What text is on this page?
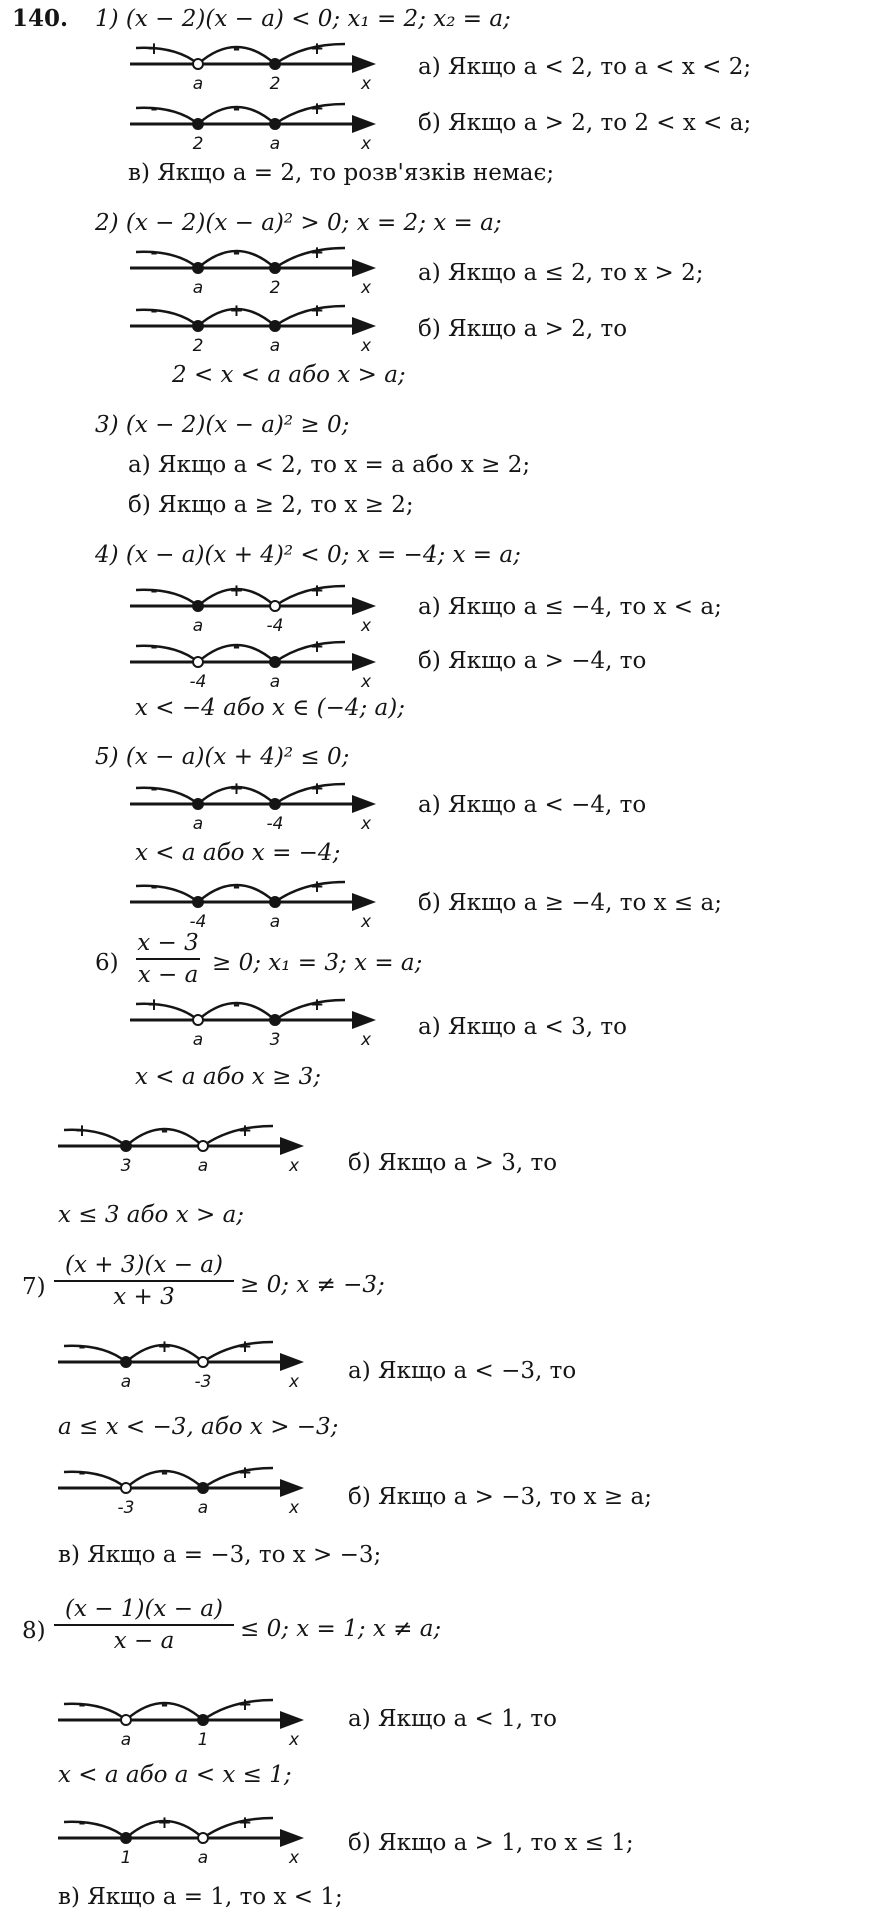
140. 1) (x − 2)(x − a) < 0; x₁ = 2; x₂ = a;
+	-	+
a	2	x
а) Якщо a < 2, то a < x < 2;
-	-	+
2	a	x
б) Якщо a > 2, то 2 < x < a;
в) Якщо a = 2, то розв'язків немає;
2) (x − 2)(x − a)² > 0; x = 2; x = a;
-	-	+
a	2	x
а) Якщо a ≤ 2, то x > 2;
-	+	+
2	a	x
б) Якщо a > 2, то
2 < x < a або x > a;
3) (x − 2)(x − a)² ≥ 0;
а) Якщо a < 2, то x = a або x ≥ 2;
б) Якщо a ≥ 2, то x ≥ 2;
4) (x − a)(x + 4)² < 0; x = −4; x = a;
-	+	+
a	-4	x
а) Якщо a ≤ −4, то x < a;
-	-	+
-4	a	x
б) Якщо a > −4, то
x < −4 або x ∈ (−4; a);
5) (x − a)(x + 4)² ≤ 0;
-	+	+
a	-4	x
а) Якщо a < −4, то
x < a або x = −4;
-	-	+
-4	a	x
б) Якщо a ≥ −4, то x ≤ a;
6)
x − 3
x − a ≥ 0; x₁ = 3; x = a;
+	-	+
a	3	x а) Якщо a < 3, то
x < a або x ≥ 3;
+	-	+
3	a	x б) Якщо a > 3, то
x ≤ 3 або x > a;
7)
(x + 3)(x − a)
x + 3	≥ 0; x ≠ −3;
-	+	+
a	-3	x а) Якщо a < −3, то
a ≤ x < −3, або x > −3;
-	-	+
-3	a	x б) Якщо a > −3, то x ≥ a;
в) Якщо a = −3, то x > −3;
8)
(x − 1)(x − a)
x − a	≤ 0; x = 1; x ≠ a;
-	-	+
a	1	x
а) Якщо a < 1, то
x < a або a < x ≤ 1;
-	+	+
1	a	x
б) Якщо a > 1, то x ≤ 1;
в) Якщо a = 1, то x < 1;
